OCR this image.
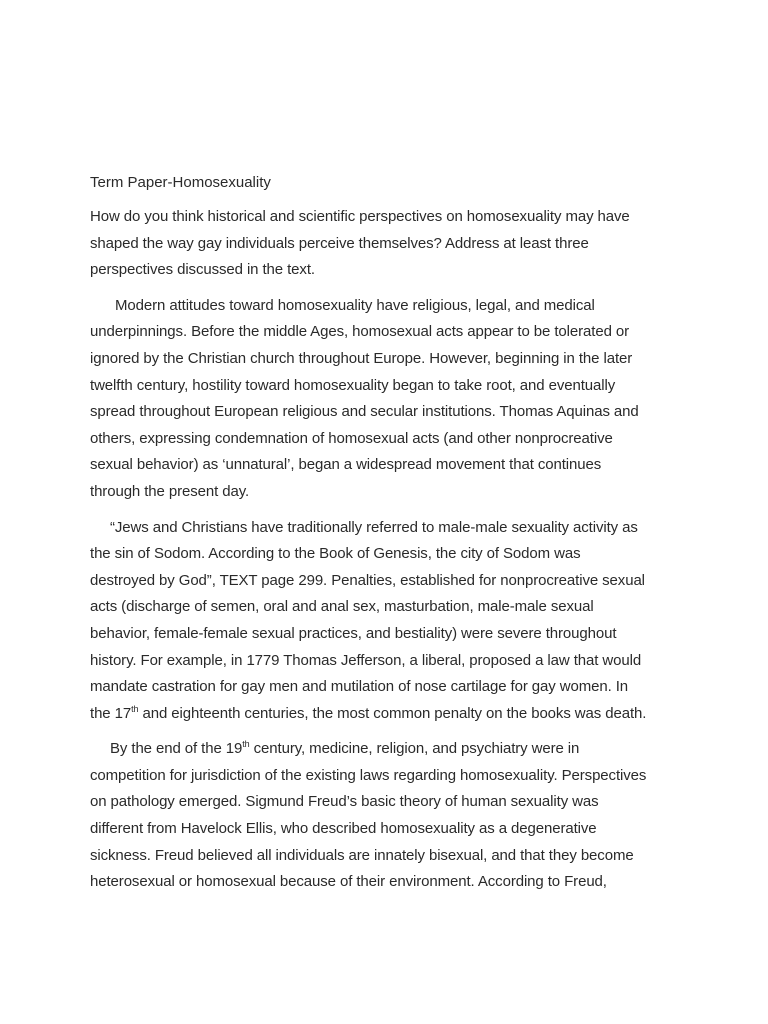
Term Paper-Homosexuality
How do you think historical and scientific perspectives on homosexuality may have
shaped the way gay individuals perceive themselves? Address at least three
perspectives discussed in the text.
Modern attitudes toward homosexuality have religious, legal, and medical
underpinnings. Before the middle Ages, homosexual acts appear to be tolerated or
ignored by the Christian church throughout Europe. However, beginning in the later
twelfth century, hostility toward homosexuality began to take root, and eventually
spread throughout European religious and secular institutions. Thomas Aquinas and
others, expressing condemnation of homosexual acts (and other nonprocreative
sexual behavior) as ‘unnatural’, began a widespread movement that continues
through the present day.
“Jews and Christians have traditionally referred to male-male sexuality activity as
the sin of Sodom. According to the Book of Genesis, the city of Sodom was
destroyed by God”, TEXT page 299. Penalties, established for nonprocreative sexual
acts (discharge of semen, oral and anal sex, masturbation, male-male sexual
behavior, female-female sexual practices, and bestiality) were severe throughout
history. For example, in 1779 Thomas Jefferson, a liberal, proposed a law that would
mandate castration for gay men and mutilation of nose cartilage for gay women. In
the 17th and eighteenth centuries, the most common penalty on the books was death.
By the end of the 19th century, medicine, religion, and psychiatry were in
competition for jurisdiction of the existing laws regarding homosexuality. Perspectives
on pathology emerged. Sigmund Freud’s basic theory of human sexuality was
different from Havelock Ellis, who described homosexuality as a degenerative
sickness. Freud believed all individuals are innately bisexual, and that they become
heterosexual or homosexual because of their environment. According to Freud,
